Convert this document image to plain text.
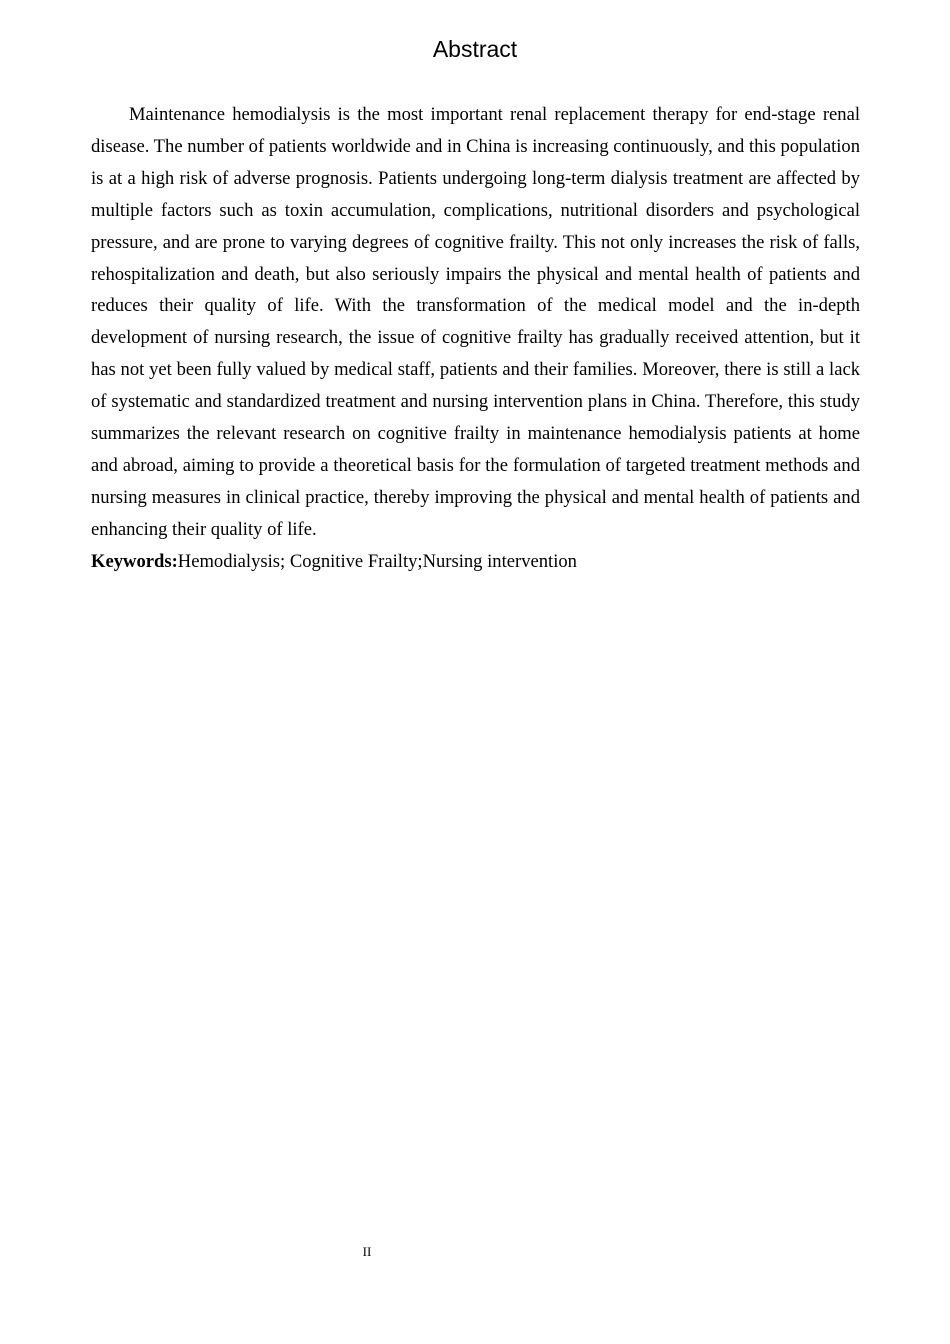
Abstract

Maintenance hemodialysis is the most important renal replacement therapy for end-stage renal disease. The number of patients worldwide and in China is increasing continuously, and this population is at a high risk of adverse prognosis. Patients undergoing long-term dialysis treatment are affected by multiple factors such as toxin accumulation, complications, nutritional disorders and psychological pressure, and are prone to varying degrees of cognitive frailty. This not only increases the risk of falls, rehospitalization and death, but also seriously impairs the physical and mental health of patients and reduces their quality of life. With the transformation of the medical model and the in-depth development of nursing research, the issue of cognitive frailty has gradually received attention, but it has not yet been fully valued by medical staff, patients and their families. Moreover, there is still a lack of systematic and standardized treatment and nursing intervention plans in China. Therefore, this study summarizes the relevant research on cognitive frailty in maintenance hemodialysis patients at home and abroad, aiming to provide a theoretical basis for the formulation of targeted treatment methods and nursing measures in clinical practice, thereby improving the physical and mental health of patients and enhancing their quality of life.

Keywords:Hemodialysis; Cognitive Frailty;Nursing intervention

II
